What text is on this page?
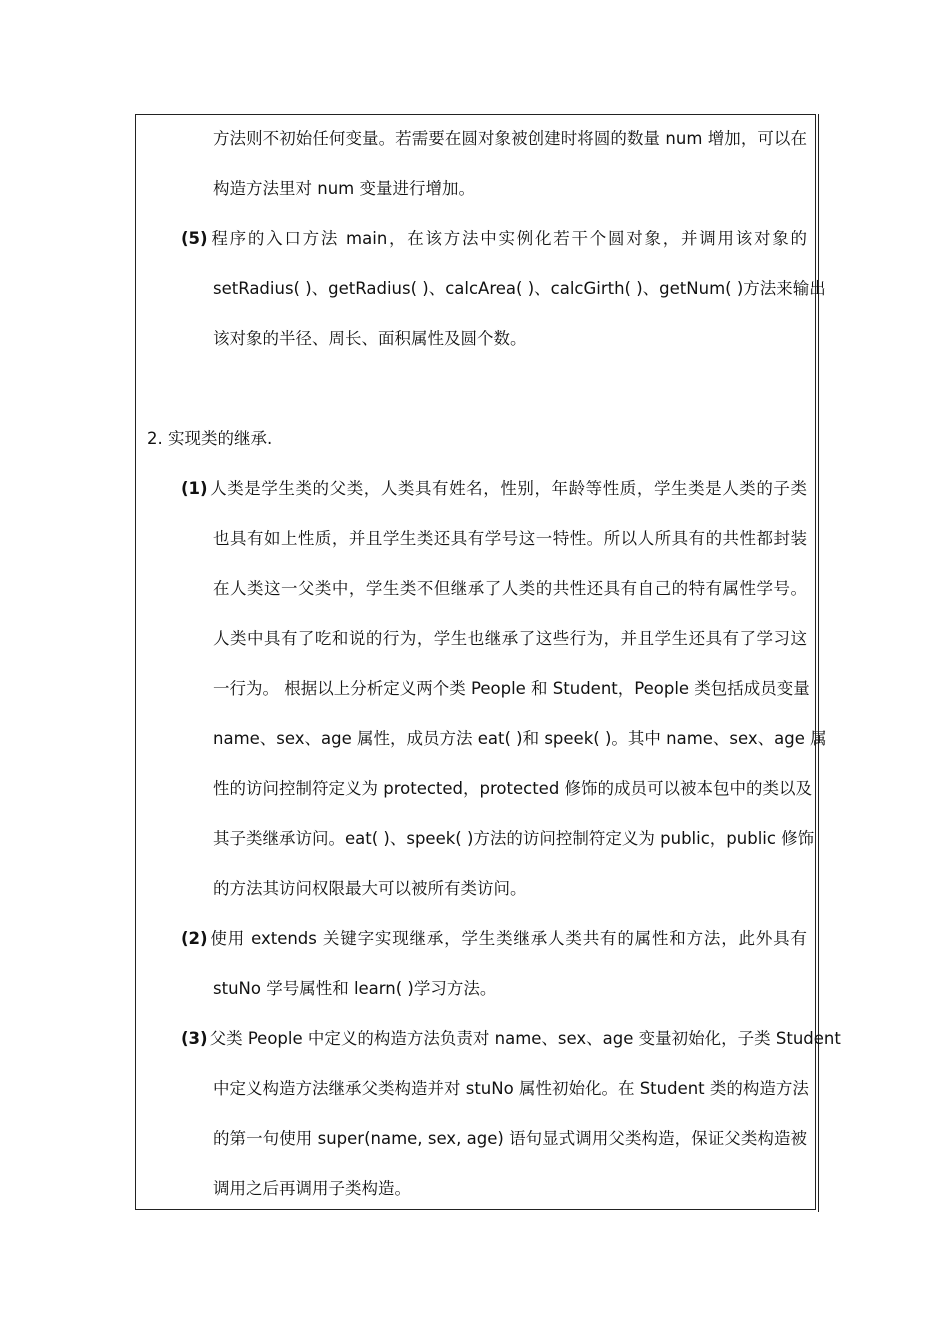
方法则不初始任何变量。若需要在圆对象被创建时将圆的数量 num 增加，可以在
构造方法里对 num 变量进行增加。
(5) 程序的入口方法 main，在该方法中实例化若干个圆对象，并调用该对象的
setRadius( )、getRadius( )、calcArea( )、calcGirth( )、getNum( )方法来输出
该对象的半径、周长、面积属性及圆个数。
2. 实现类的继承.
(1) 人类是学生类的父类，人类具有姓名，性别，年龄等性质，学生类是人类的子类
也具有如上性质，并且学生类还具有学号这一特性。所以人所具有的共性都封装
在人类这一父类中，学生类不但继承了人类的共性还具有自己的特有属性学号。
人类中具有了吃和说的行为，学生也继承了这些行为，并且学生还具有了学习这
一行为。 根据以上分析定义两个类 People 和 Student，People 类包括成员变量
name、sex、age 属性，成员方法 eat( )和 speek( )。其中 name、sex、age 属
性的访问控制符定义为 protected，protected 修饰的成员可以被本包中的类以及
其子类继承访问。eat( )、speek( )方法的访问控制符定义为 public，public 修饰
的方法其访问权限最大可以被所有类访问。
(2) 使用 extends 关键字实现继承，学生类继承人类共有的属性和方法，此外具有
stuNo 学号属性和 learn( )学习方法。
(3) 父类 People 中定义的构造方法负责对 name、sex、age 变量初始化，子类 Student
中定义构造方法继承父类构造并对 stuNo 属性初始化。在 Student 类的构造方法
的第一句使用 super(name, sex, age) 语句显式调用父类构造，保证父类构造被
调用之后再调用子类构造。
